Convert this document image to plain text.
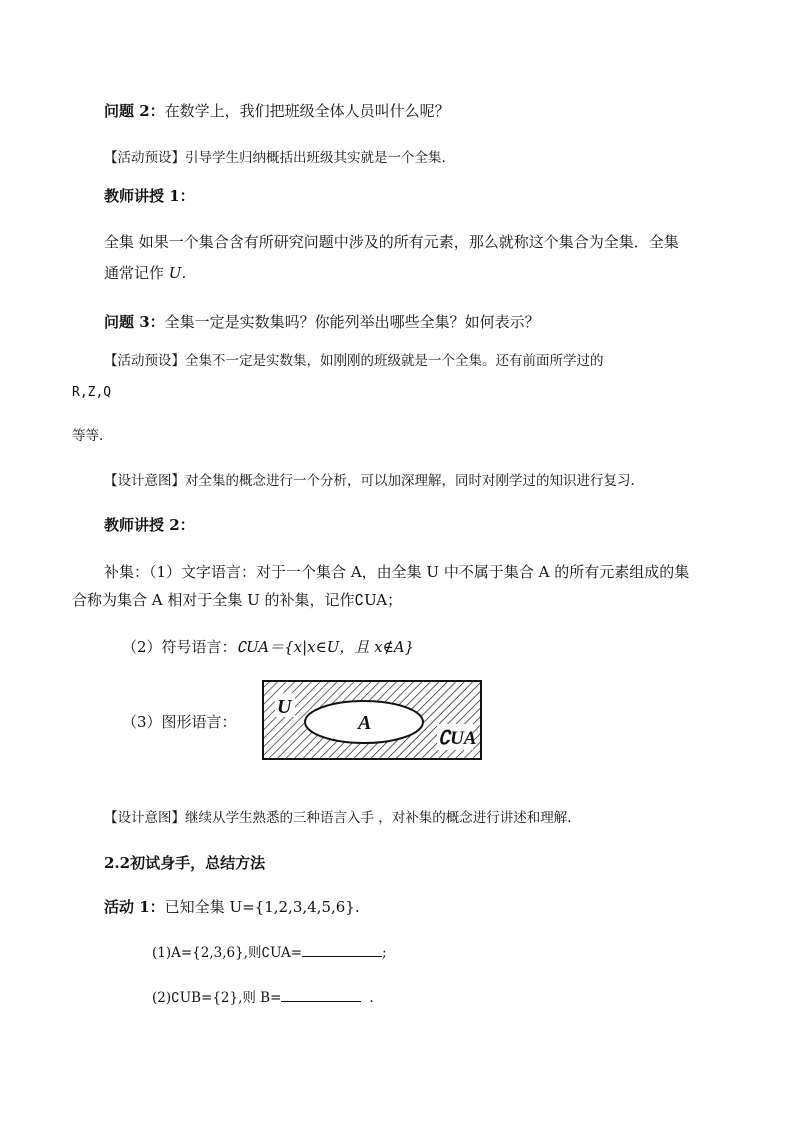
问题 2：在数学上，我们把班级全体人员叫什么呢？
【活动预设】引导学生归纳概括出班级其实就是一个全集.
教师讲授 1：
全集 如果一个集合含有所研究问题中涉及的所有元素，那么就称这个集合为全集．全集
通常记作 U.
问题 3：全集一定是实数集吗？你能列举出哪些全集？如何表示？
【活动预设】全集不一定是实数集，如刚刚的班级就是一个全集。还有前面所学过的
R,Z,Q
等等.
【设计意图】对全集的概念进行一个分析，可以加深理解，同时对刚学过的知识进行复习.
教师讲授 2：
补集：（1）文字语言：对于一个集合 A，由全集 U 中不属于集合 A 的所有元素组成的集
合称为集合 A 相对于全集 U 的补集，记作∁UA；
（2）符号语言：∁UA＝{x|x∈U，且 x∉A}
（3）图形语言：
U
A
∁UA
【设计意图】继续从学生熟悉的三种语言入手 ，对补集的概念进行讲述和理解.
2.2初试身手，总结方法
活动 1：已知全集 U={1,2,3,4,5,6}.
(1)A={2,3,6},则∁UA=	;
(2)∁UB={2},则 B=	.
